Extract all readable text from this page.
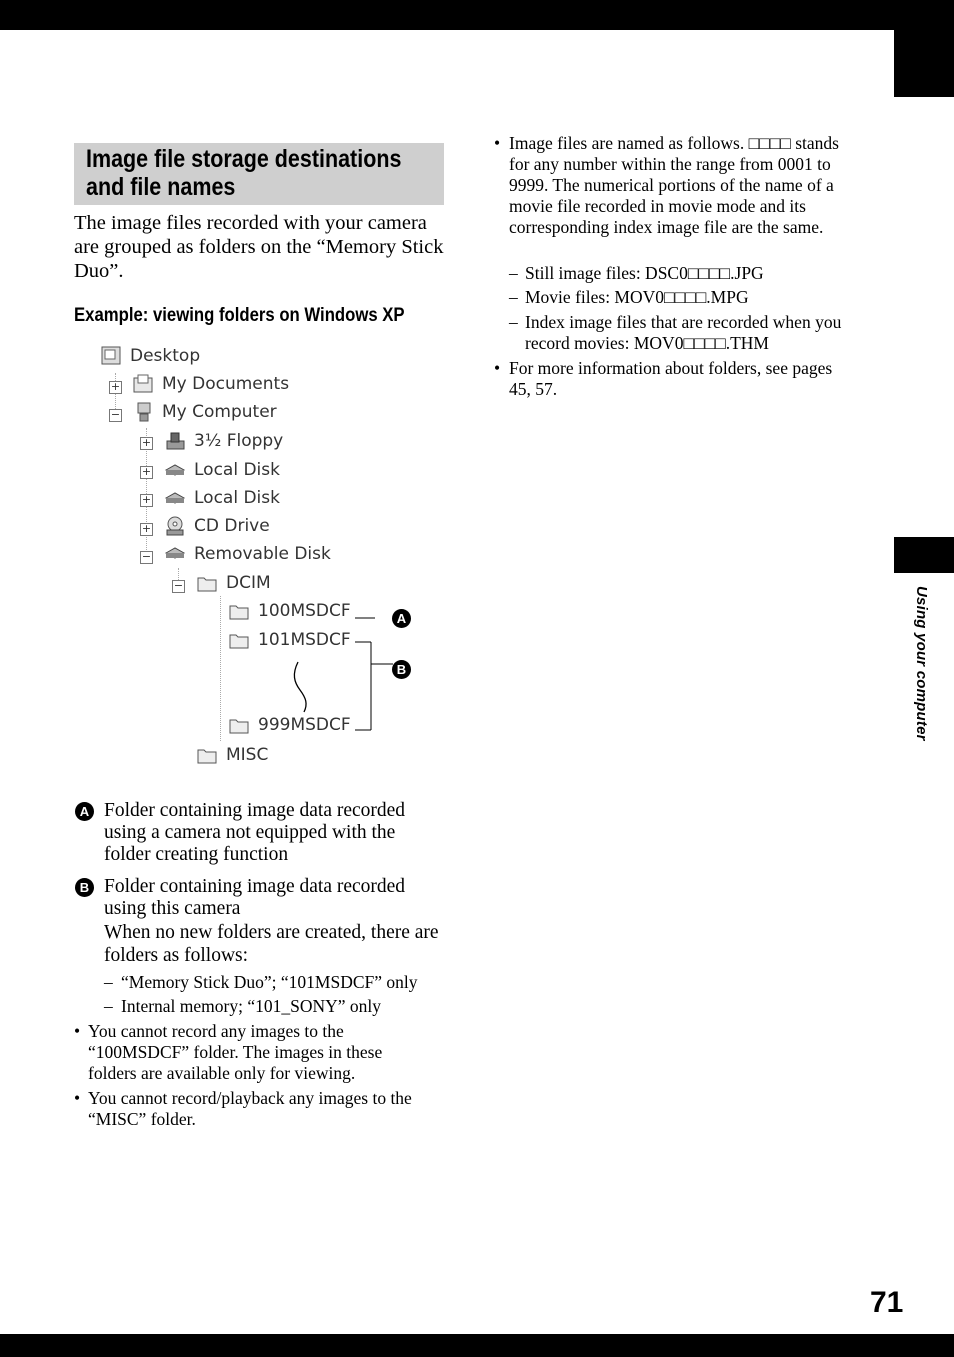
Using your computer
71
Image file storage destinations
and file names
The image files recorded with your camera are grouped as folders on the “Memory Stick Duo”.
Example: viewing folders on Windows XP
Desktop
+ My Documents
− My Computer
+	3½ Floppy
+	Local Disk
+	Local Disk
+	CD Drive
−	Removable Disk
−	DCIM
100MSDCF
101MSDCF
999MSDCF
MISC
A
B
A Folder containing image data recorded using a camera not equipped with the folder creating function
B Folder containing image data recorded using this camera
When no new folders are created, there are folders as follows:
– “Memory Stick Duo”; “101MSDCF” only
– Internal memory; “101_SONY” only
• You cannot record any images to the “100MSDCF” folder. The images in these folders are available only for viewing.
• You cannot record/playback any images to the “MISC” folder.
• Image files are named as follows. □□□□ stands for any number within the range from 0001 to 9999. The numerical portions of the name of a movie file recorded in movie mode and its corresponding index image file are the same.
– Still image files: DSC0□□□□.JPG
– Movie files: MOV0□□□□.MPG
– Index image files that are recorded when you record movies: MOV0□□□□.THM
• For more information about folders, see pages 45, 57.
